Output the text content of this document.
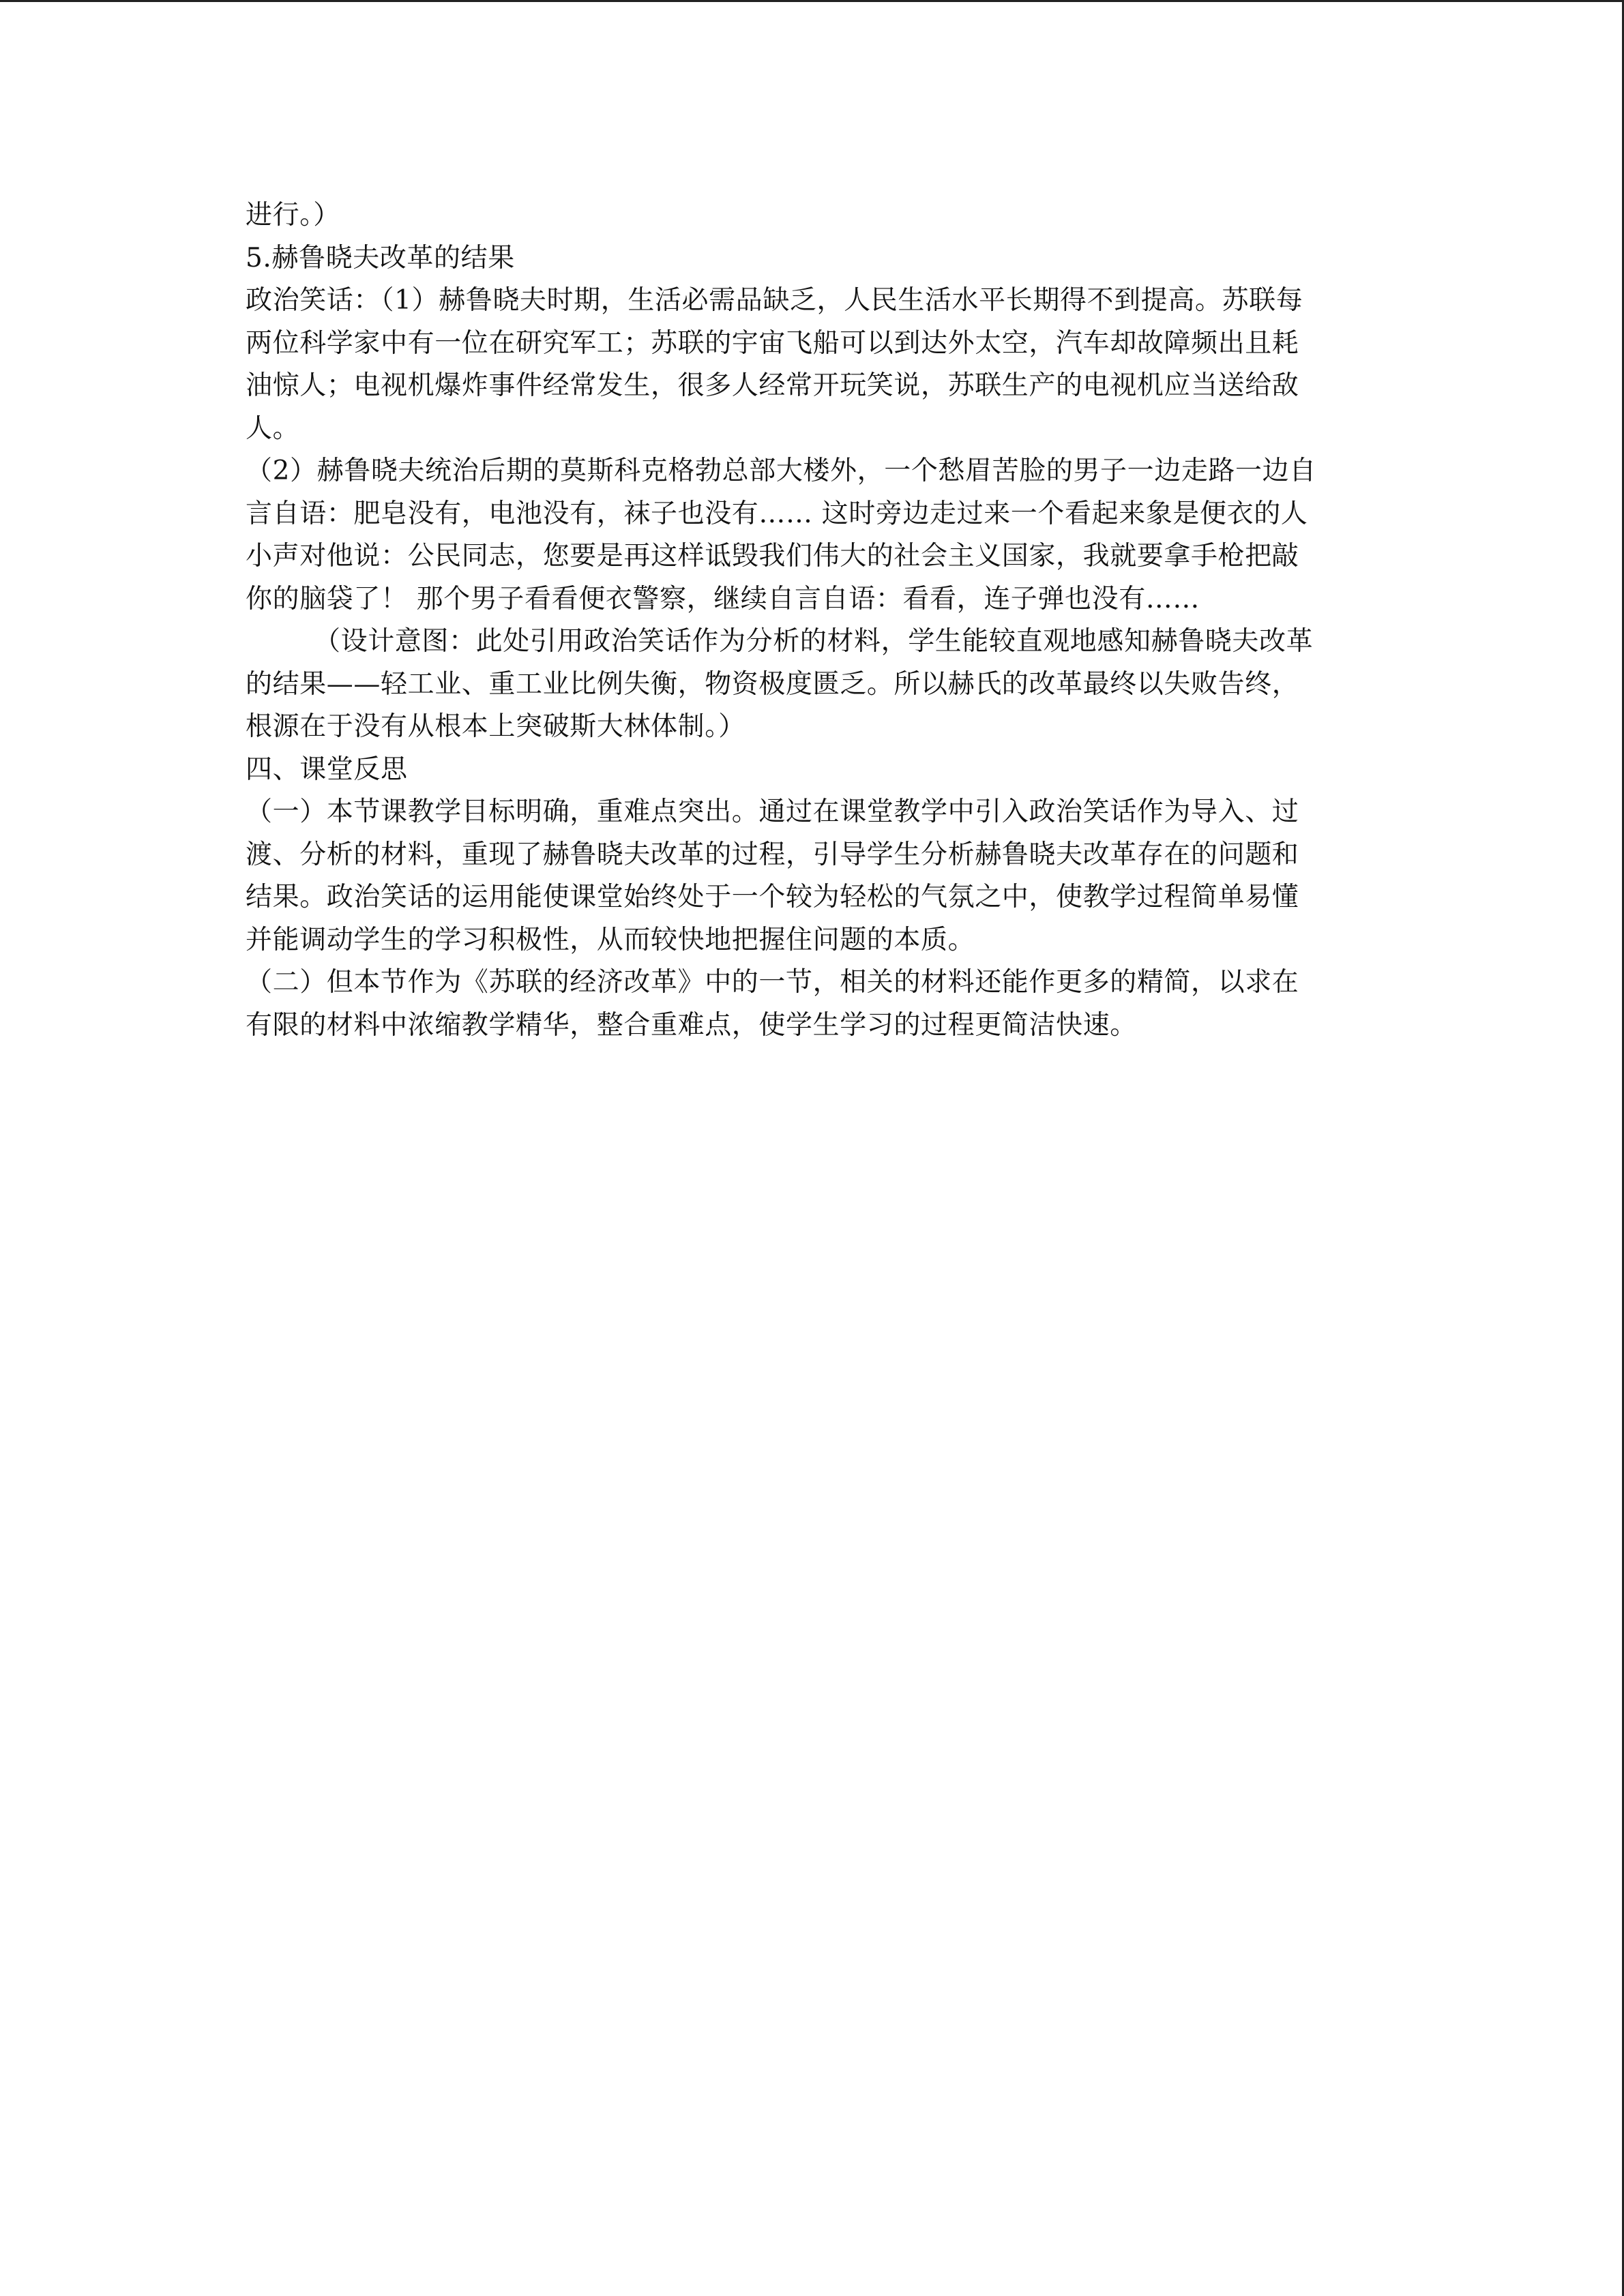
进行。）
5.赫鲁晓夫改革的结果
政治笑话：（1）赫鲁晓夫时期，生活必需品缺乏，人民生活水平长期得不到提高。苏联每
两位科学家中有一位在研究军工；苏联的宇宙飞船可以到达外太空，汽车却故障频出且耗
油惊人；电视机爆炸事件经常发生，很多人经常开玩笑说，苏联生产的电视机应当送给敌
人。
（2）赫鲁晓夫统治后期的莫斯科克格勃总部大楼外，一个愁眉苦脸的男子一边走路一边自
言自语：肥皂没有，电池没有，袜子也没有…… 这时旁边走过来一个看起来象是便衣的人
小声对他说：公民同志，您要是再这样诋毁我们伟大的社会主义国家，我就要拿手枪把敲
你的脑袋了！ 那个男子看看便衣警察，继续自言自语：看看，连子弹也没有……
（设计意图：此处引用政治笑话作为分析的材料，学生能较直观地感知赫鲁晓夫改革
的结果——轻工业、重工业比例失衡，物资极度匮乏。所以赫氏的改革最终以失败告终，
根源在于没有从根本上突破斯大林体制。）
四、课堂反思
（一）本节课教学目标明确，重难点突出。通过在课堂教学中引入政治笑话作为导入、过
渡、分析的材料，重现了赫鲁晓夫改革的过程，引导学生分析赫鲁晓夫改革存在的问题和
结果。政治笑话的运用能使课堂始终处于一个较为轻松的气氛之中，使教学过程简单易懂
并能调动学生的学习积极性，从而较快地把握住问题的本质。
（二）但本节作为《苏联的经济改革》中的一节，相关的材料还能作更多的精简，以求在
有限的材料中浓缩教学精华，整合重难点，使学生学习的过程更简洁快速。
